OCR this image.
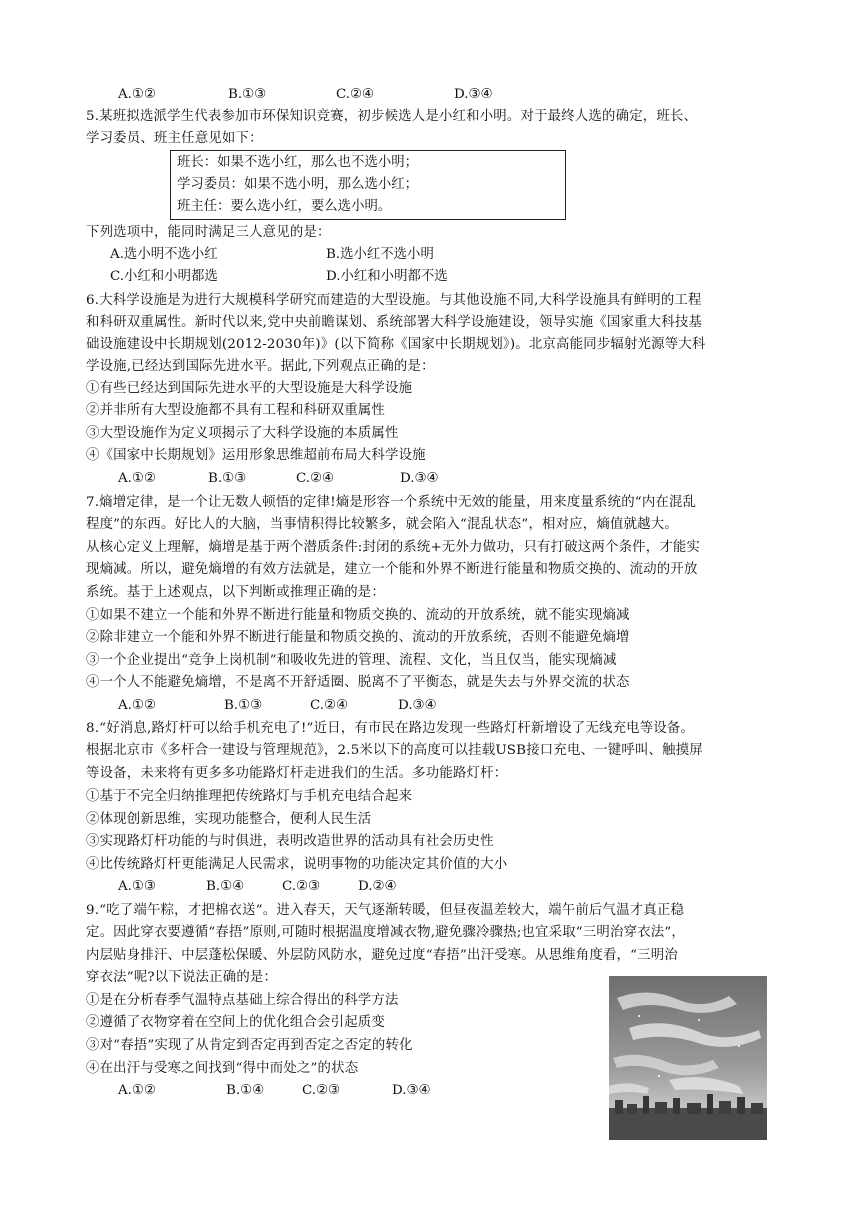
A.①②	B.①③	C.②④	D.③④
5.某班拟选派学生代表参加市环保知识竞赛，初步候选人是小红和小明。对于最终人选的确定，班长、
学习委员、班主任意见如下：
班长：如果不选小红，那么也不选小明；
学习委员：如果不选小明，那么选小红；
班主任：要么选小红，要么选小明。
下列选项中，能同时满足三人意见的是：
A.选小明不选小红	B.选小红不选小明
C.小红和小明都选	D.小红和小明都不选
6.大科学设施是为进行大规模科学研究而建造的大型设施。与其他设施不同,大科学设施具有鲜明的工程
和科研双重属性。新时代以来,党中央前瞻谋划、系统部署大科学设施建设，领导实施《国家重大科技基
础设施建设中长期规划(2012-2030年)》(以下简称《国家中长期规划》)。北京高能同步辐射光源等大科
学设施,已经达到国际先进水平。据此,下列观点正确的是：
①有些已经达到国际先进水平的大型设施是大科学设施
②并非所有大型设施都不具有工程和科研双重属性
③大型设施作为定义项揭示了大科学设施的本质属性
④《国家中长期规划》运用形象思维超前布局大科学设施
A.①②	B.①③	C.②④	D.③④
7.熵增定律，是一个让无数人顿悟的定律!熵是形容一个系统中无效的能量，用来度量系统的“内在混乱
程度”的东西。好比人的大脑，当事情积得比较繁多，就会陷入“混乱状态”，相对应，熵值就越大。
从核心定义上理解，熵增是基于两个潜质条件:封闭的系统+无外力做功，只有打破这两个条件，才能实
现熵减。所以，避免熵增的有效方法就是，建立一个能和外界不断进行能量和物质交换的、流动的开放
系统。基于上述观点，以下判断或推理正确的是：
①如果不建立一个能和外界不断进行能量和物质交换的、流动的开放系统，就不能实现熵减
②除非建立一个能和外界不断进行能量和物质交换的、流动的开放系统，否则不能避免熵增
③一个企业提出“竞争上岗机制”和吸收先进的管理、流程、文化，当且仅当，能实现熵减
④一个人不能避免熵增，不是离不开舒适圈、脱离不了平衡态，就是失去与外界交流的状态
A.①②	B.①③	C.②④	D.③④
8.“好消息,路灯杆可以给手机充电了!”近日，有市民在路边发现一些路灯杆新增设了无线充电等设备。
根据北京市《多杆合一建设与管理规范》，2.5米以下的高度可以挂载USB接口充电、一键呼叫、触摸屏
等设备，未来将有更多多功能路灯杆走进我们的生活。多功能路灯杆：
①基于不完全归纳推理把传统路灯与手机充电结合起来
②体现创新思维，实现功能整合，便利人民生活
③实现路灯杆功能的与时俱进，表明改造世界的活动具有社会历史性
④比传统路灯杆更能满足人民需求，说明事物的功能决定其价值的大小
A.①③	B.①④	C.②③	D.②④
9.“吃了端午粽，才把棉衣送”。进入春天，天气逐渐转暖，但昼夜温差较大，端午前后气温才真正稳
定。因此穿衣要遵循“春捂”原则,可随时根据温度增减衣物,避免骤冷骤热;也宜采取“三明治穿衣法”，
内层贴身排汗、中层蓬松保暖、外层防风防水，避免过度“春捂”出汗受寒。从思维角度看，“三明治
穿衣法”呢?以下说法正确的是：
①是在分析春季气温特点基础上综合得出的科学方法
②遵循了衣物穿着在空间上的优化组合会引起质变
③对“春捂”实现了从肯定到否定再到否定之否定的转化
④在出汗与受寒之间找到“得中而处之”的状态
A.①②	B.①④	C.②③	D.③④
